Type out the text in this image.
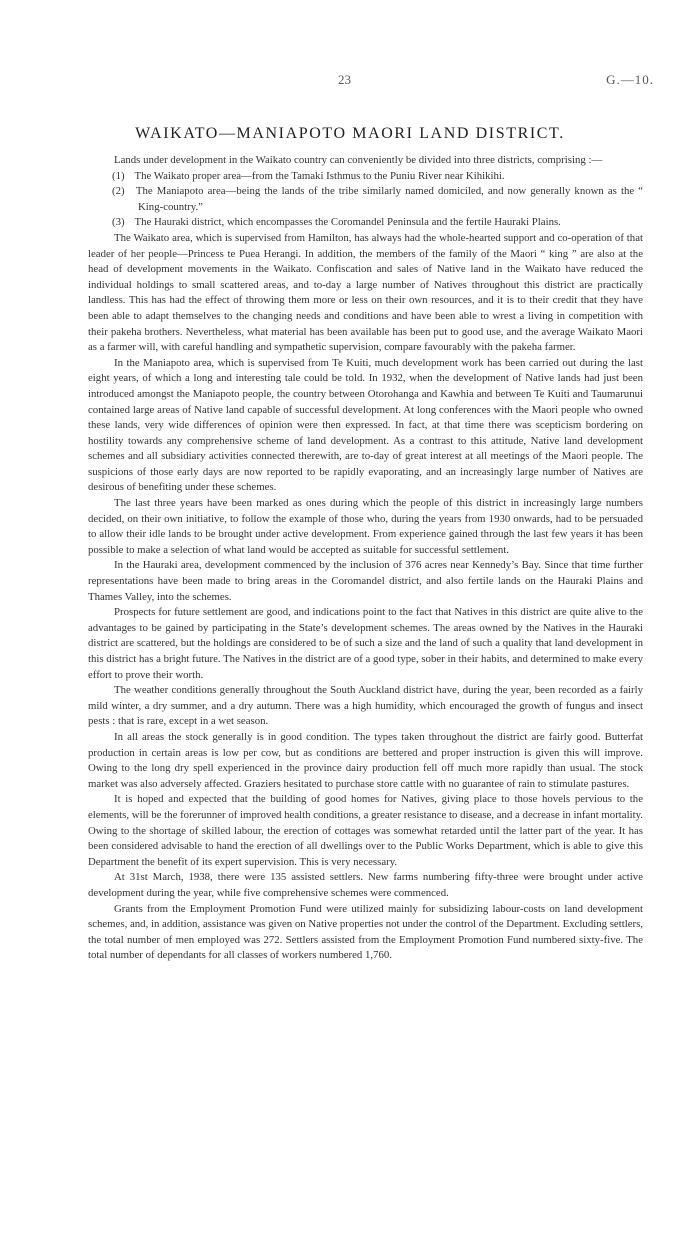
23	G.—10.
WAIKATO—MANIAPOTO MAORI LAND DISTRICT.

Lands under development in the Waikato country can conveniently be divided into three districts, comprising :—

(1) The Waikato proper area—from the Tamaki Isthmus to the Puniu River near Kihikihi.

(2) The Maniapoto area—being the lands of the tribe similarly named domiciled, and now generally known as the “ King-country.”

(3) The Hauraki district, which encompasses the Coromandel Peninsula and the fertile Hauraki Plains.

The Waikato area, which is supervised from Hamilton, has always had the whole-hearted support and co-operation of that leader of her people—Princess te Puea Herangi. In addition, the members of the family of the Maori “ king ” are also at the head of development movements in the Waikato. Confiscation and sales of Native land in the Waikato have reduced the individual holdings to small scattered areas, and to-day a large number of Natives throughout this district are practically landless. This has had the effect of throwing them more or less on their own resources, and it is to their credit that they have been able to adapt themselves to the changing needs and conditions and have been able to wrest a living in competition with their pakeha brothers. Nevertheless, what material has been available has been put to good use, and the average Waikato Maori as a farmer will, with careful handling and sympathetic supervision, compare favourably with the pakeha farmer.

In the Maniapoto area, which is supervised from Te Kuiti, much development work has been carried out during the last eight years, of which a long and interesting tale could be told. In 1932, when the development of Native lands had just been introduced amongst the Maniapoto people, the country between Otorohanga and Kawhia and between Te Kuiti and Taumarunui contained large areas of Native land capable of successful development. At long conferences with the Maori people who owned these lands, very wide differences of opinion were then expressed. In fact, at that time there was scepticism bordering on hostility towards any comprehensive scheme of land development. As a contrast to this attitude, Native land development schemes and all subsidiary activities connected therewith, are to-day of great interest at all meetings of the Maori people. The suspicions of those early days are now reported to be rapidly evaporating, and an increasingly large number of Natives are desirous of benefiting under these schemes.

The last three years have been marked as ones during which the people of this district in increasingly large numbers decided, on their own initiative, to follow the example of those who, during the years from 1930 onwards, had to be persuaded to allow their idle lands to be brought under active development. From experience gained through the last few years it has been possible to make a selection of what land would be accepted as suitable for successful settlement.

In the Hauraki area, development commenced by the inclusion of 376 acres near Kennedy’s Bay. Since that time further representations have been made to bring areas in the Coromandel district, and also fertile lands on the Hauraki Plains and Thames Valley, into the schemes.

Prospects for future settlement are good, and indications point to the fact that Natives in this district are quite alive to the advantages to be gained by participating in the State’s development schemes. The areas owned by the Natives in the Hauraki district are scattered, but the holdings are considered to be of such a size and the land of such a quality that land development in this district has a bright future. The Natives in the district are of a good type, sober in their habits, and determined to make every effort to prove their worth.

The weather conditions generally throughout the South Auckland district have, during the year, been recorded as a fairly mild winter, a dry summer, and a dry autumn. There was a high humidity, which encouraged the growth of fungus and insect pests : that is rare, except in a wet season.

In all areas the stock generally is in good condition. The types taken throughout the district are fairly good. Butterfat production in certain areas is low per cow, but as conditions are bettered and proper instruction is given this will improve. Owing to the long dry spell experienced in the province dairy production fell off much more rapidly than usual. The stock market was also adversely affected. Graziers hesitated to purchase store cattle with no guarantee of rain to stimulate pastures.

It is hoped and expected that the building of good homes for Natives, giving place to those hovels pervious to the elements, will be the forerunner of improved health conditions, a greater resistance to disease, and a decrease in infant mortality. Owing to the shortage of skilled labour, the erection of cottages was somewhat retarded until the latter part of the year. It has been considered advisable to hand the erection of all dwellings over to the Public Works Department, which is able to give this Department the benefit of its expert supervision. This is very necessary.

At 31st March, 1938, there were 135 assisted settlers. New farms numbering fifty-three were brought under active development during the year, while five comprehensive schemes were commenced.

Grants from the Employment Promotion Fund were utilized mainly for subsidizing labour-costs on land development schemes, and, in addition, assistance was given on Native properties not under the control of the Department. Excluding settlers, the total number of men employed was 272. Settlers assisted from the Employment Promotion Fund numbered sixty-five. The total number of dependants for all classes of workers numbered 1,760.
